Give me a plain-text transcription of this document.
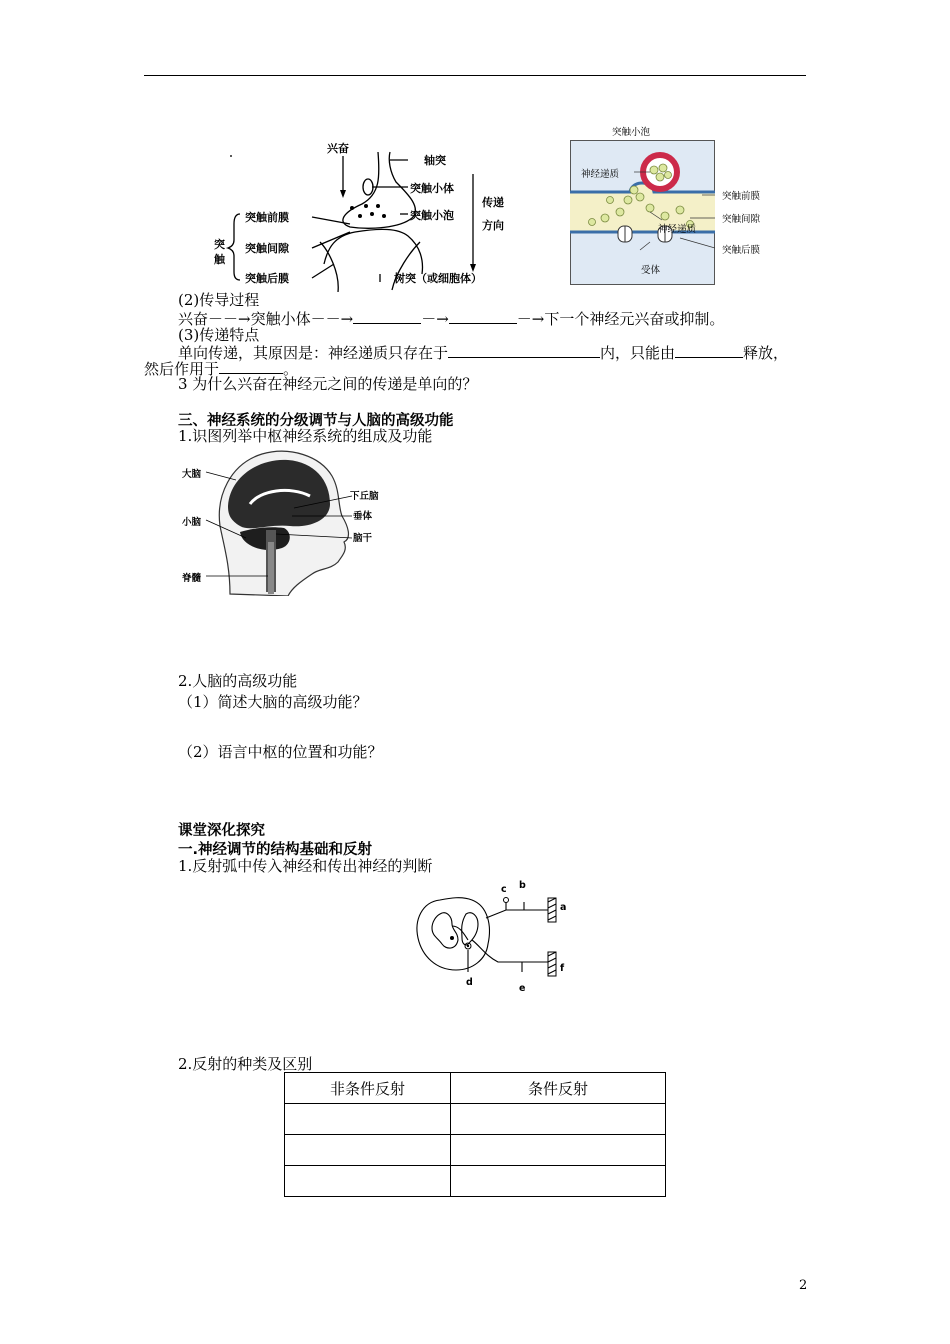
兴奋
轴突
突触小体
突触小泡
传递
方向
突触前膜
突触间隙
突触后膜
突
触
树突（或细胞体）
突触小泡
神经递质
突触前膜
突触间隙
神经递质
突触后膜
受体
(2)传导过程
兴奋－－→突触小体－－→	－→	－→下一个神经元兴奋或抑制。
(3)传递特点
单向传递，其原因是：神经递质只存在于	内，只能由	释放，
然后作用于	。
3 为什么兴奋在神经元之间的传递是单向的？
三、神经系统的分级调节与人脑的高级功能
1.识图列举中枢神经系统的组成及功能
大脑
下丘脑
垂体
小脑
脑干
脊髓
2.人脑的高级功能
（1）简述大脑的高级功能？
（2）语言中枢的位置和功能？
课堂深化探究
一.神经调节的结构基础和反射
1.反射弧中传入神经和传出神经的判断
c b
a
f
d
e
2.反射的种类及区别
非条件反射	条件反射

2
